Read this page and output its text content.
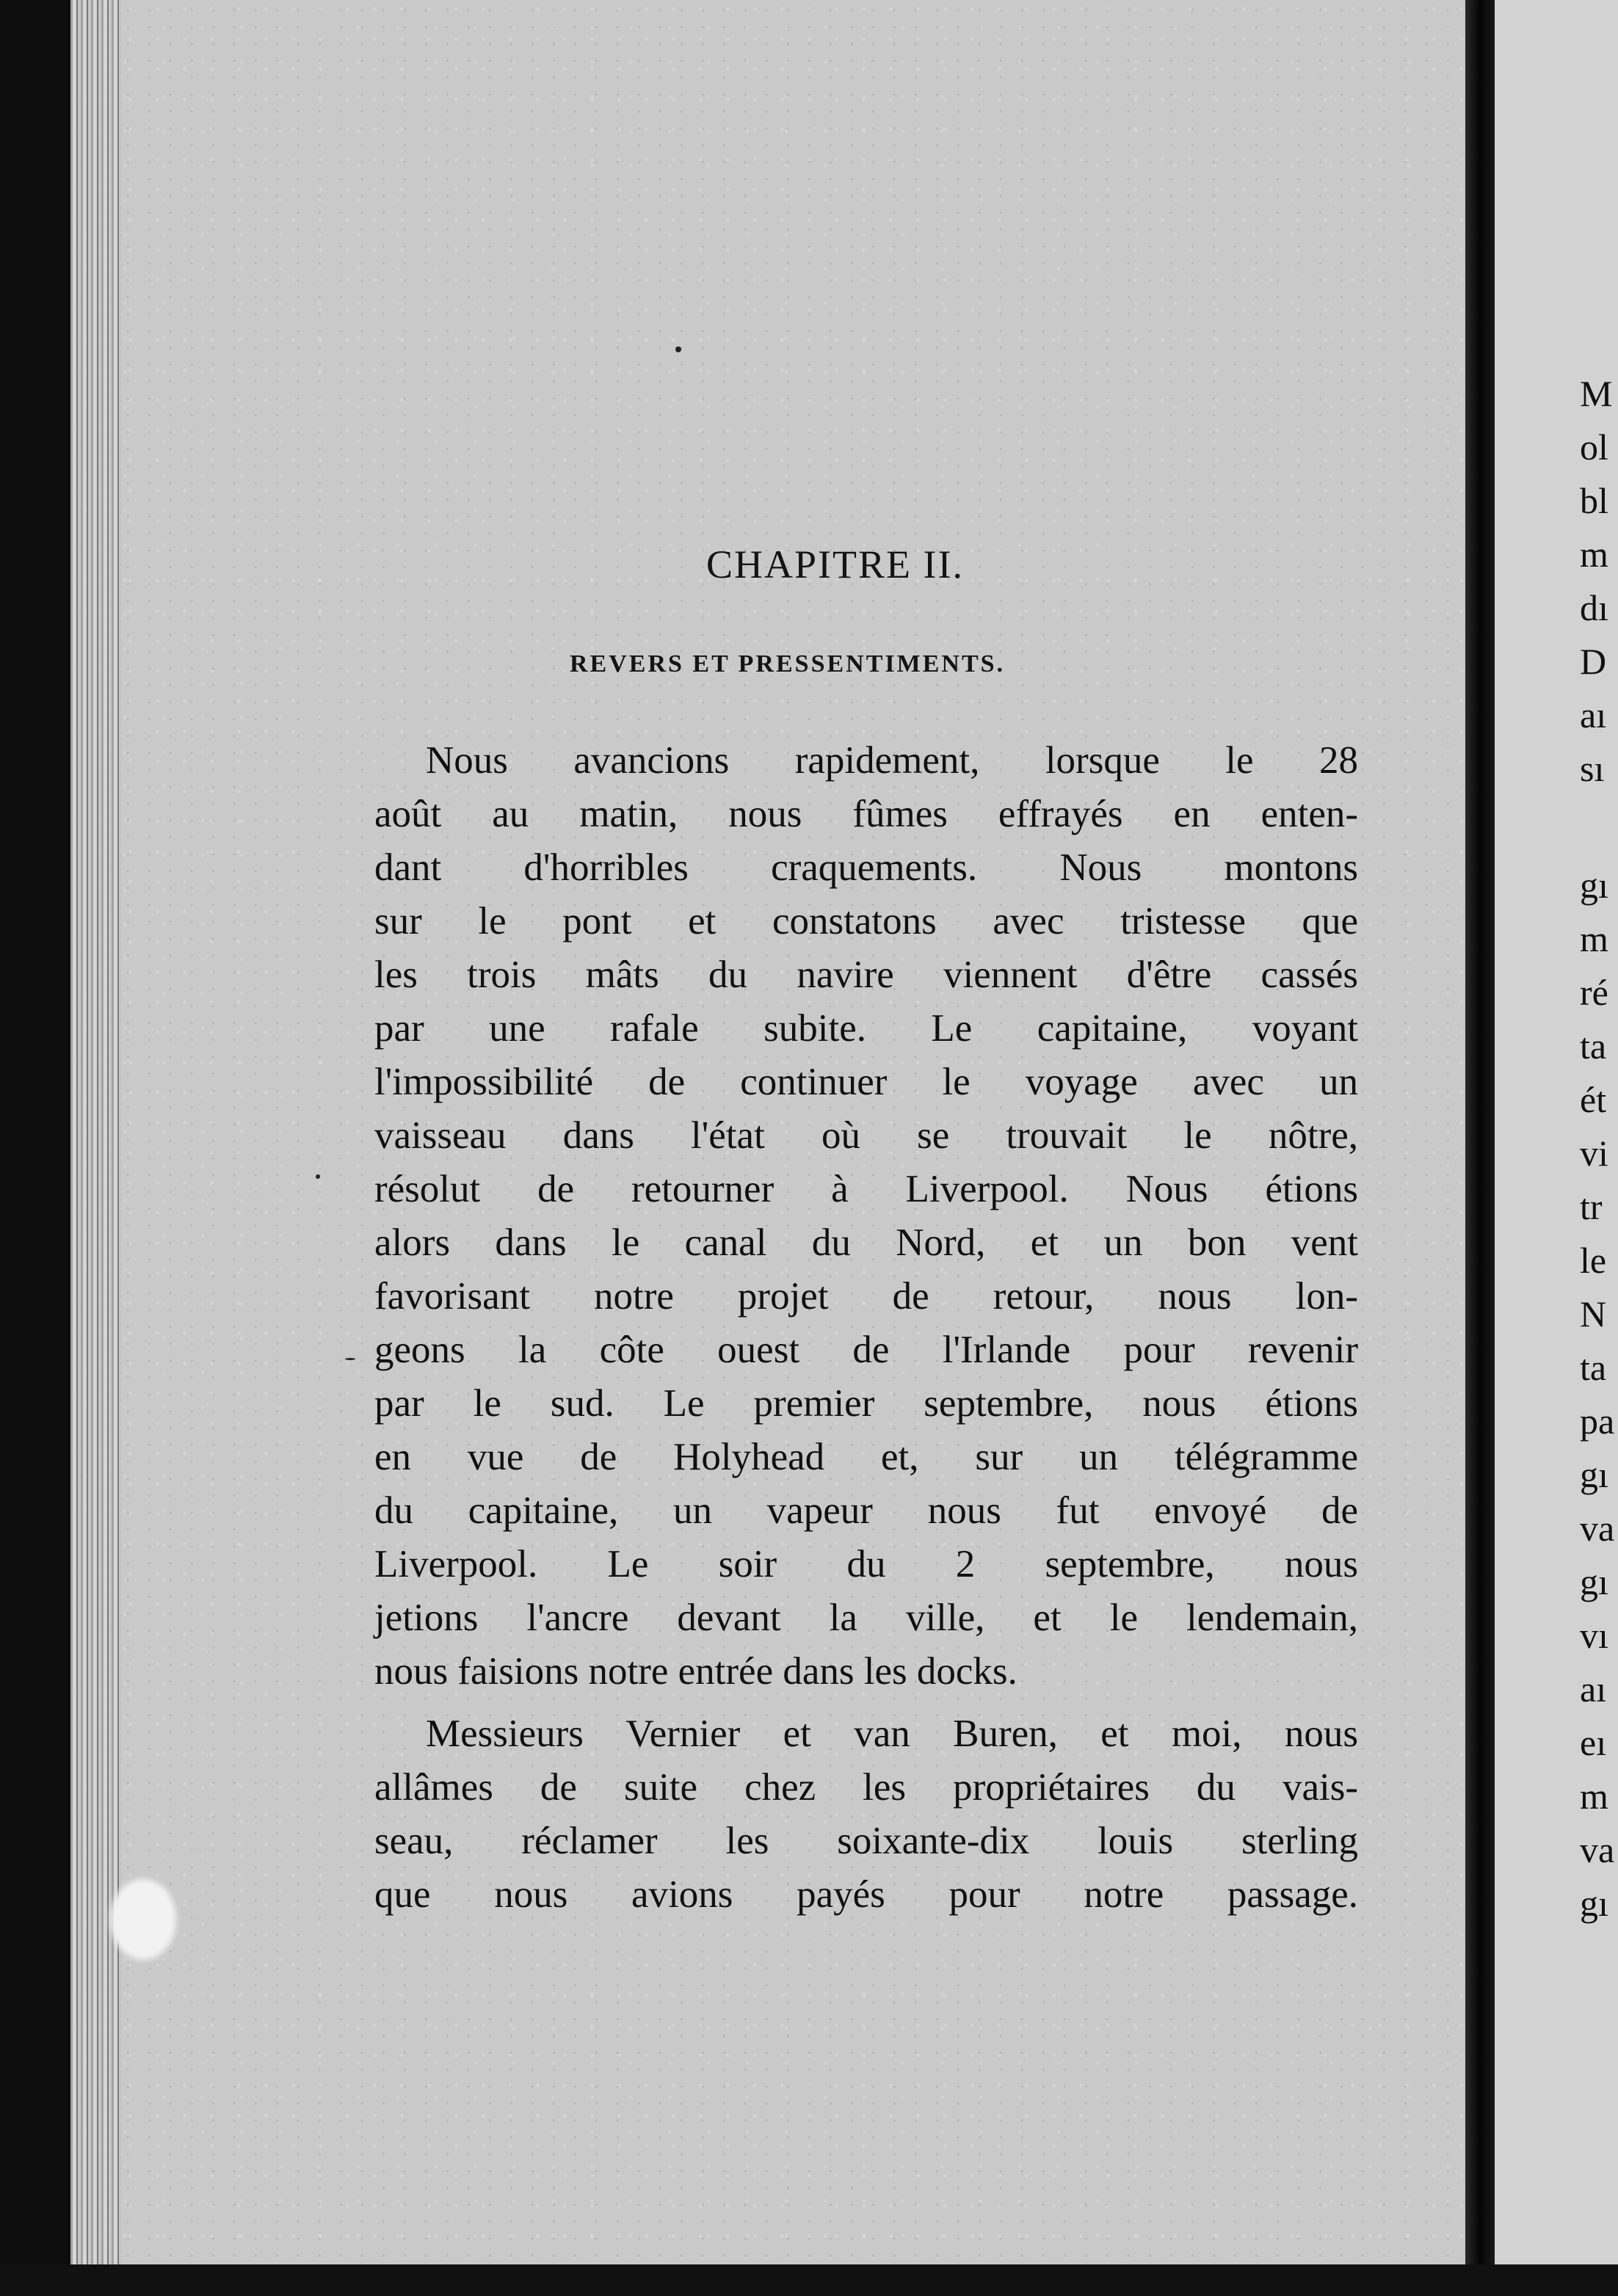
M
ol
bl
m
dı
D
aı
sı
gı
m
ré
ta
ét
vi
tr
le
N
ta
pa
gı
va
gı
vı
aı
eı
m
va
gı
CHAPITRE II.
REVERS ET PRESSENTIMENTS.
Nous avancions rapidement, lorsque le 28
août au matin, nous fûmes effrayés en enten-
dant d'horribles craquements. Nous montons
sur le pont et constatons avec tristesse que
les trois mâts du navire viennent d'être cassés
par une rafale subite. Le capitaine, voyant
l'impossibilité de continuer le voyage avec un
vaisseau dans l'état où se trouvait le nôtre,
résolut de retourner à Liverpool. Nous étions
alors dans le canal du Nord, et un bon vent
favorisant notre projet de retour, nous lon-
geons la côte ouest de l'Irlande pour revenir
par le sud. Le premier septembre, nous étions
en vue de Holyhead et, sur un télégramme
du capitaine, un vapeur nous fut envoyé de
Liverpool. Le soir du 2 septembre, nous
jetions l'ancre devant la ville, et le lendemain,
nous faisions notre entrée dans les docks.
Messieurs Vernier et van Buren, et moi, nous
allâmes de suite chez les propriétaires du vais-
seau, réclamer les soixante-dix louis sterling
que nous avions payés pour notre passage.
